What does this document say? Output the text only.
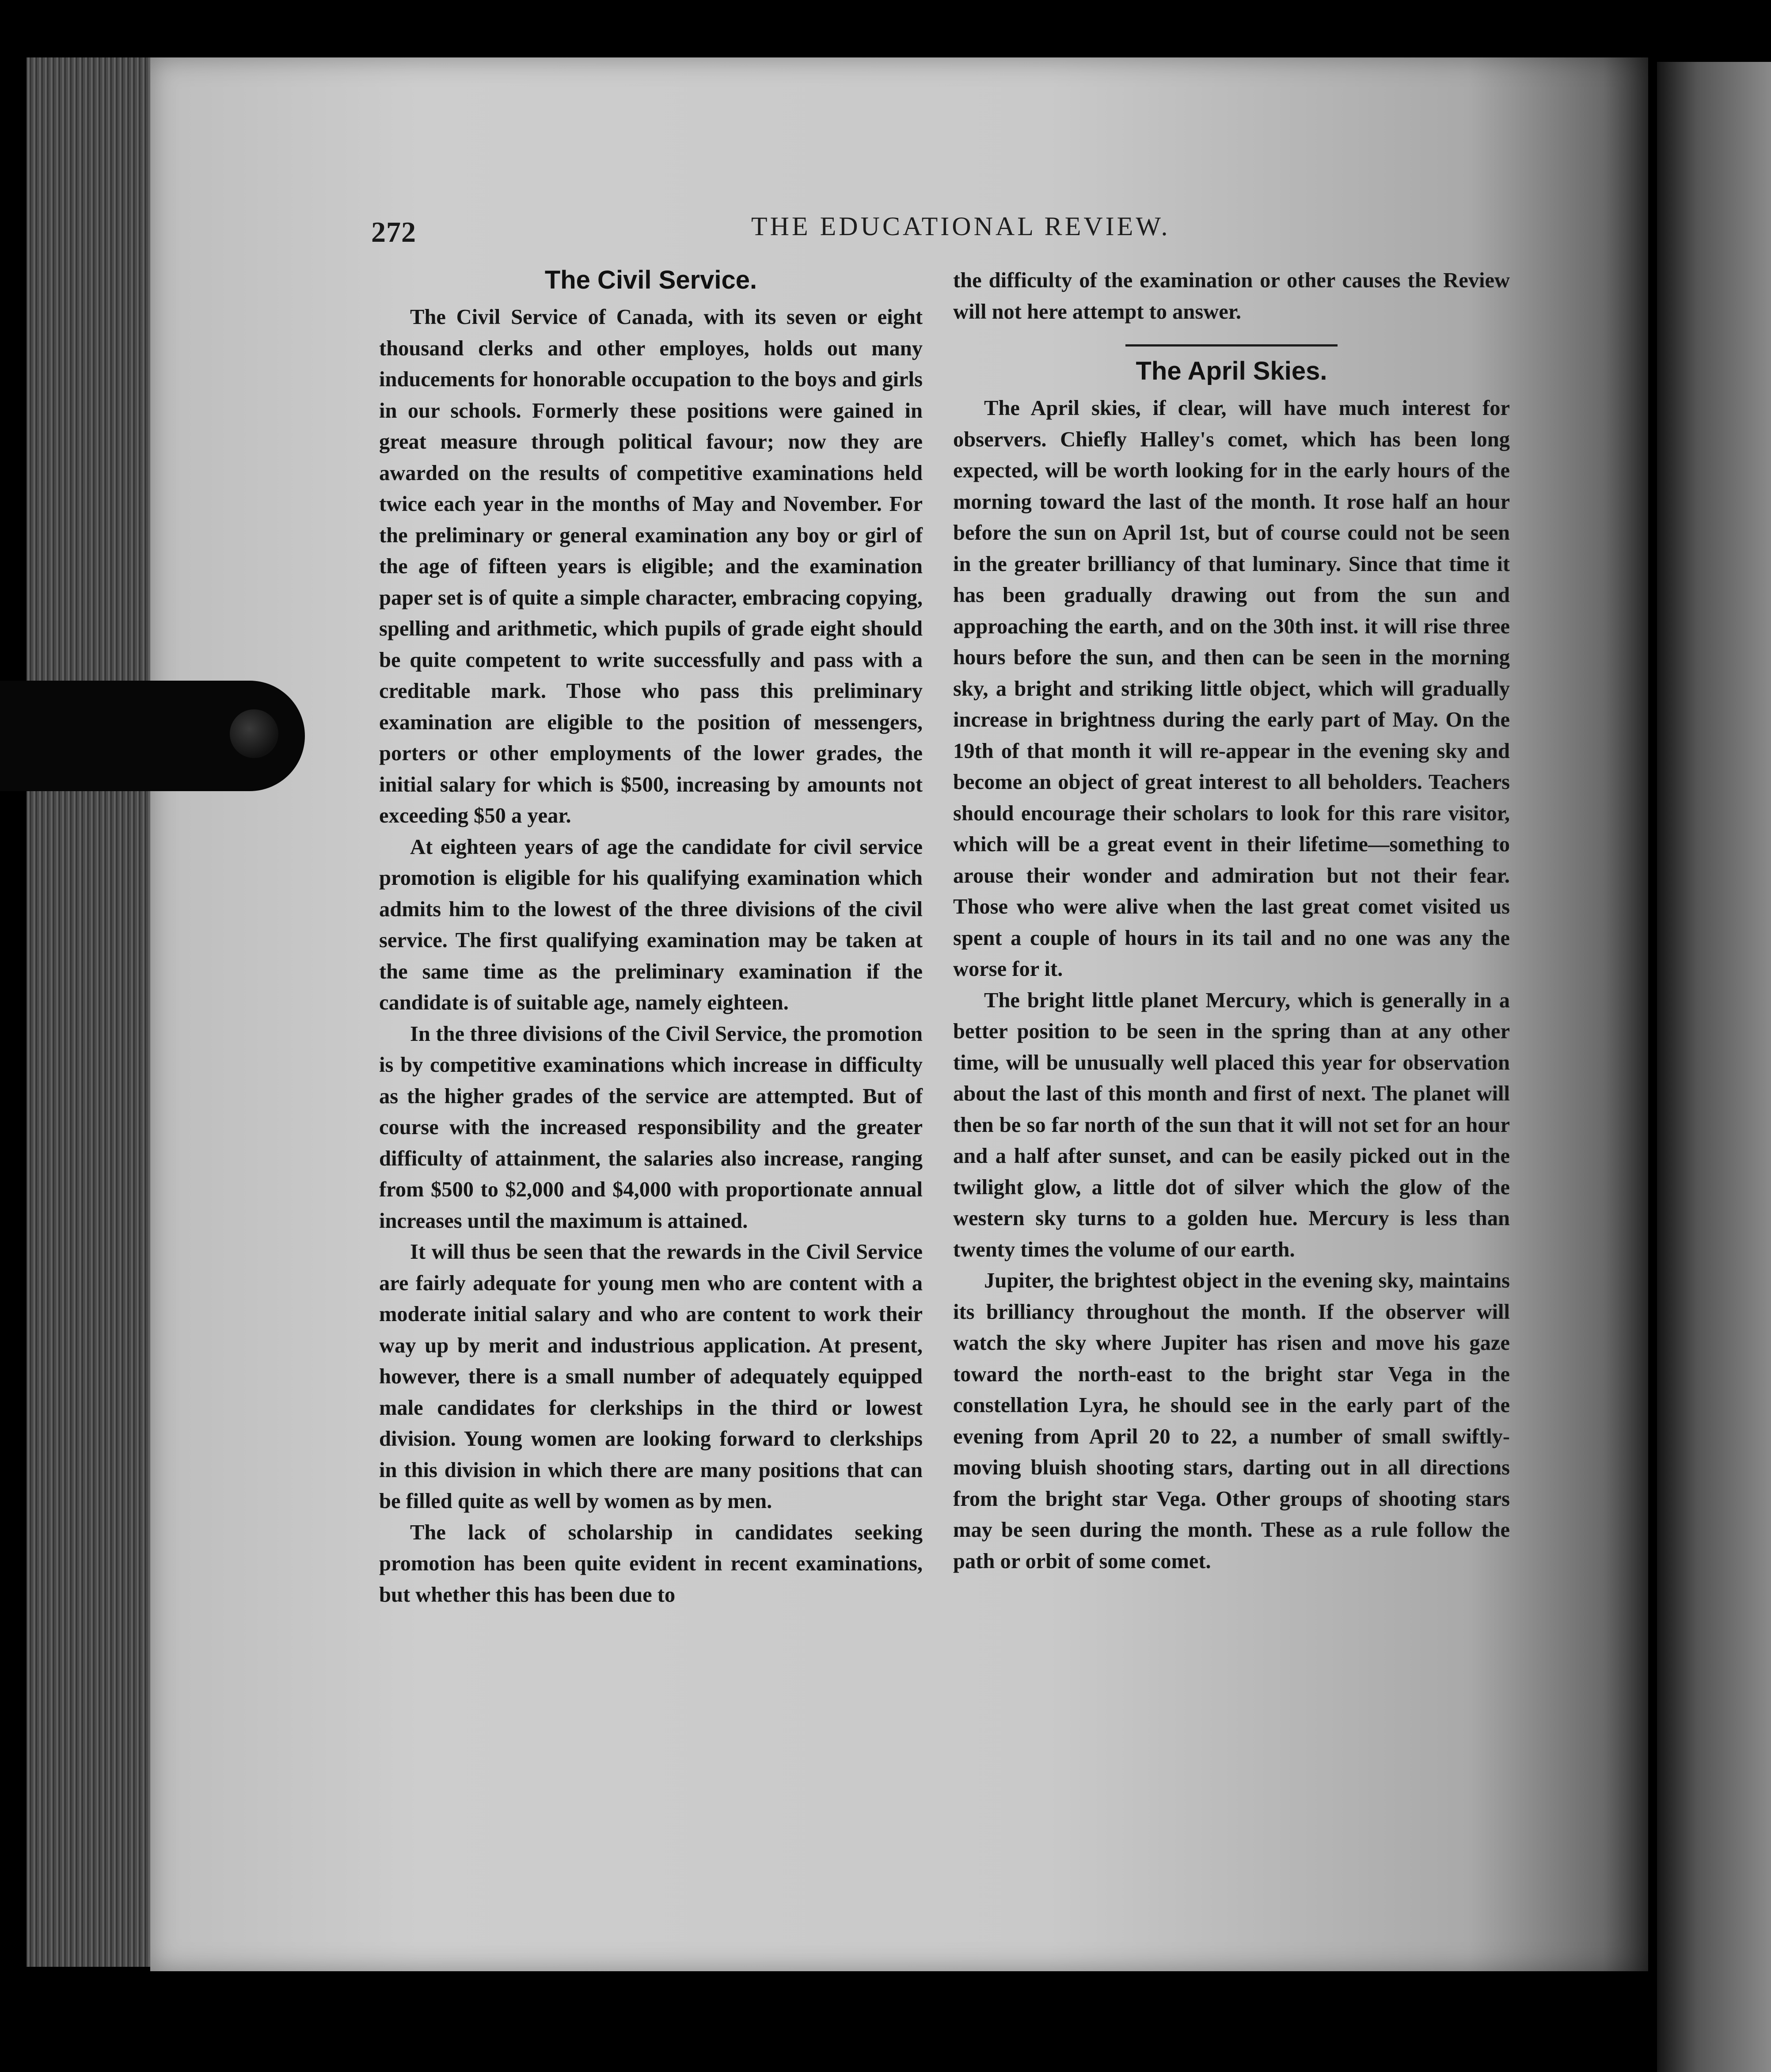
272	THE EDUCATIONAL REVIEW.
The Civil Service.

The Civil Service of Canada, with its seven or eight thousand clerks and other employes, holds out many inducements for honorable occupation to the boys and girls in our schools. Formerly these positions were gained in great measure through political favour; now they are awarded on the results of competitive examinations held twice each year in the months of May and November. For the preliminary or general examination any boy or girl of the age of fifteen years is eligible; and the examination paper set is of quite a simple character, embracing copying, spelling and arithmetic, which pupils of grade eight should be quite competent to write successfully and pass with a creditable mark. Those who pass this preliminary examination are eligible to the position of messengers, porters or other employments of the lower grades, the initial salary for which is $500, increasing by amounts not exceeding $50 a year.

At eighteen years of age the candidate for civil service promotion is eligible for his qualifying examination which admits him to the lowest of the three divisions of the civil service. The first qualifying examination may be taken at the same time as the preliminary examination if the candidate is of suitable age, namely eighteen.

In the three divisions of the Civil Service, the promotion is by competitive examinations which increase in difficulty as the higher grades of the service are attempted. But of course with the increased responsibility and the greater difficulty of attainment, the salaries also increase, ranging from $500 to $2,000 and $4,000 with proportionate annual increases until the maximum is attained.

It will thus be seen that the rewards in the Civil Service are fairly adequate for young men who are content with a moderate initial salary and who are content to work their way up by merit and industrious application. At present, however, there is a small number of adequately equipped male candidates for clerkships in the third or lowest division. Young women are looking forward to clerkships in this division in which there are many positions that can be filled quite as well by women as by men.

The lack of scholarship in candidates seeking promotion has been quite evident in recent examinations, but whether this has been due to

the difficulty of the examination or other causes the Review will not here attempt to answer.

The April Skies.

The April skies, if clear, will have much interest for observers. Chiefly Halley's comet, which has been long expected, will be worth looking for in the early hours of the morning toward the last of the month. It rose half an hour before the sun on April 1st, but of course could not be seen in the greater brilliancy of that luminary. Since that time it has been gradually drawing out from the sun and approaching the earth, and on the 30th inst. it will rise three hours before the sun, and then can be seen in the morning sky, a bright and striking little object, which will gradually increase in brightness during the early part of May. On the 19th of that month it will re-appear in the evening sky and become an object of great interest to all beholders. Teachers should encourage their scholars to look for this rare visitor, which will be a great event in their lifetime—something to arouse their wonder and admiration but not their fear. Those who were alive when the last great comet visited us spent a couple of hours in its tail and no one was any the worse for it.

The bright little planet Mercury, which is generally in a better position to be seen in the spring than at any other time, will be unusually well placed this year for observation about the last of this month and first of next. The planet will then be so far north of the sun that it will not set for an hour and a half after sunset, and can be easily picked out in the twilight glow, a little dot of silver which the glow of the western sky turns to a golden hue. Mercury is less than twenty times the volume of our earth.

Jupiter, the brightest object in the evening sky, maintains its brilliancy throughout the month. If the observer will watch the sky where Jupiter has risen and move his gaze toward the north-east to the bright star Vega in the constellation Lyra, he should see in the early part of the evening from April 20 to 22, a number of small swiftly-moving bluish shooting stars, darting out in all directions from the bright star Vega. Other groups of shooting stars may be seen during the month. These as a rule follow the path or orbit of some comet.
